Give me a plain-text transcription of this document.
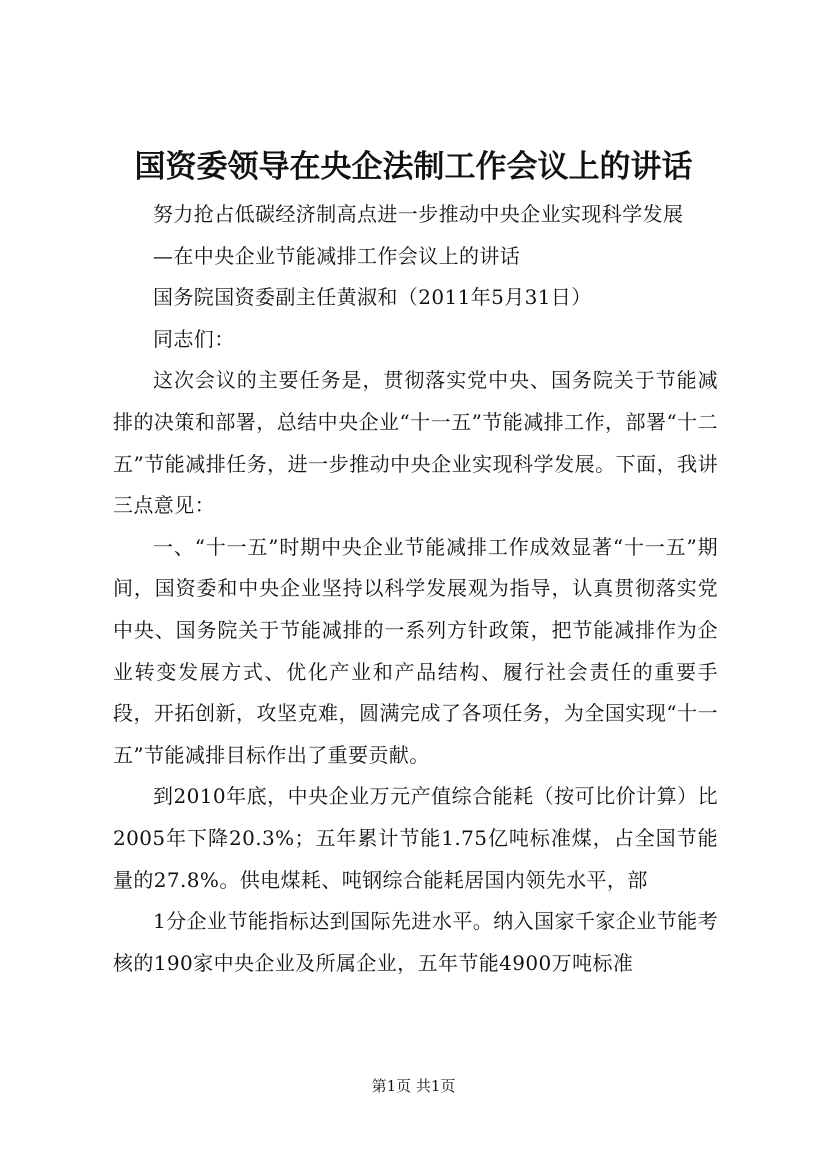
国资委领导在央企法制工作会议上的讲话

努力抢占低碳经济制高点进一步推动中央企业实现科学发展

—在中央企业节能减排工作会议上的讲话

国务院国资委副主任黄淑和（2011年5月31日）

同志们：

这次会议的主要任务是，贯彻落实党中央、国务院关于节能减排的决策和部署，总结中央企业“十一五”节能减排工作，部署“十二五”节能减排任务，进一步推动中央企业实现科学发展。下面，我讲三点意见：

一、“十一五”时期中央企业节能减排工作成效显著“十一五”期间，国资委和中央企业坚持以科学发展观为指导，认真贯彻落实党中央、国务院关于节能减排的一系列方针政策，把节能减排作为企业转变发展方式、优化产业和产品结构、履行社会责任的重要手段，开拓创新，攻坚克难，圆满完成了各项任务，为全国实现“十一五”节能减排目标作出了重要贡献。

到2010年底，中央企业万元产值综合能耗（按可比价计算）比2005年下降20.3%；五年累计节能1.75亿吨标准煤，占全国节能量的27.8%。供电煤耗、吨钢综合能耗居国内领先水平，部

1分企业节能指标达到国际先进水平。纳入国家千家企业节能考核的190家中央企业及所属企业，五年节能4900万吨标准

第1页 共1页
